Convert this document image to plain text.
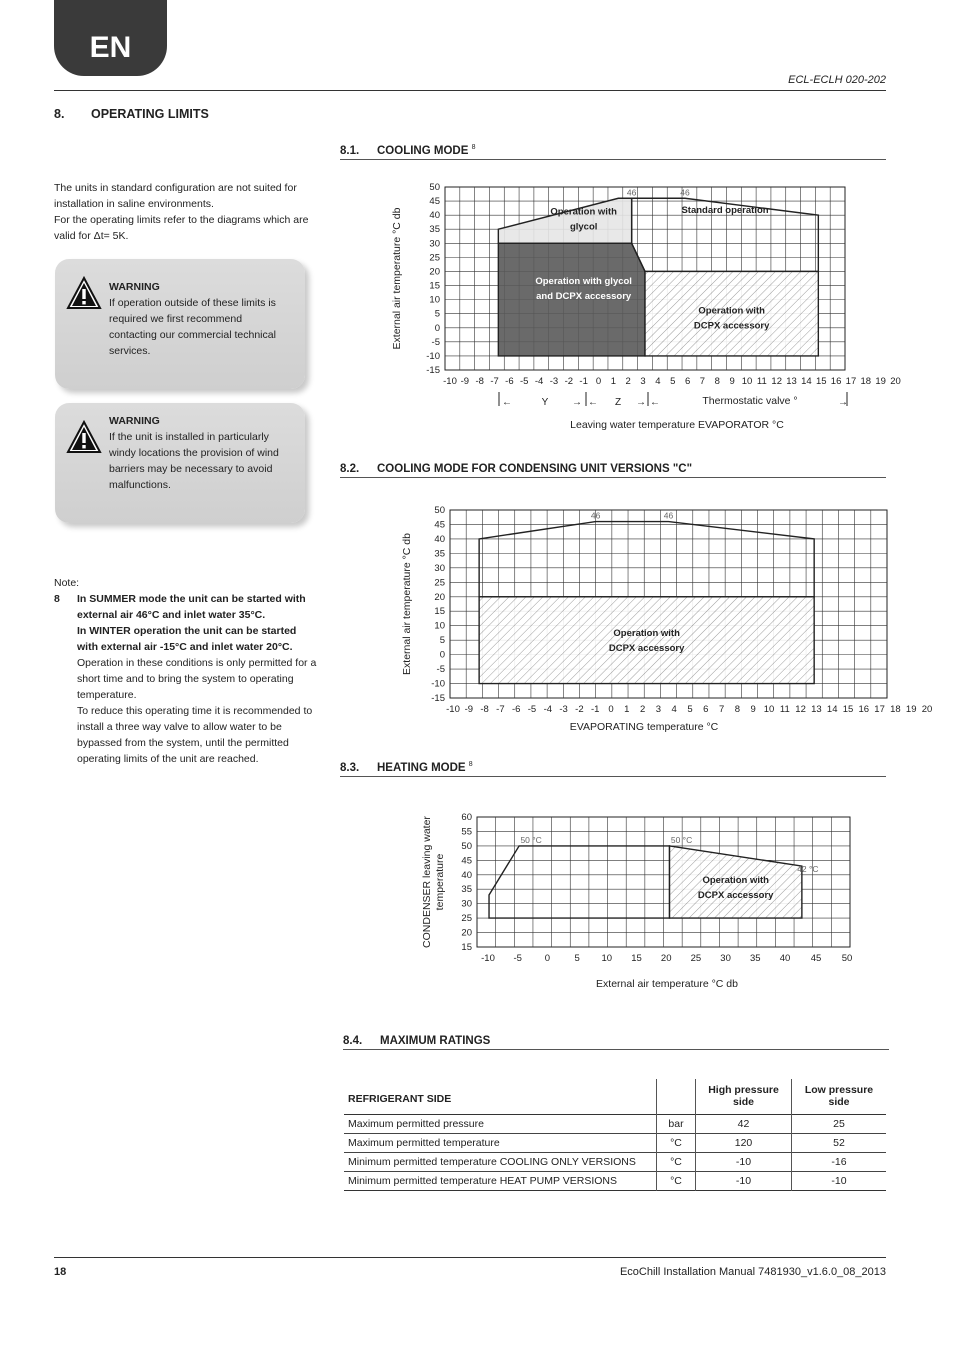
EN
ECL-ECLH 020-202
8. OPERATING LIMITS
The units in standard configuration are not suited for installation in saline environments.
For the operating limits refer to the diagrams which are valid for Δt= 5K.
WARNING
If operation outside of these limits is required we first recommend contacting our commercial technical services.
WARNING
If the unit is installed in particularly windy locations the provision of wind barriers may be necessary to avoid malfunctions.
Note:
8	In SUMMER mode the unit can be started with external air 46°C and inlet water 35°C.
In WINTER operation the unit can be started with external air -15°C and inlet water 20°C.
Operation in these conditions is only permitted for a short time and to bring the system to operating temperature.
To reduce this operating time it is recommended to install a three way valve to allow water to be bypassed from the system, until the permitted operating limits of the unit are reached.
8.1. COOLING MODE $^8$
8.2. COOLING MODE FOR CONDENSING UNIT VERSIONS "C"
8.3. HEATING MODE $^8$
8.4. MAXIMUM RATINGS
Operation with glycol
Operation with glycol and DCPX accessory
Standard operation
Operation with DCPX accessory
50
45
40
35
30
25
20
15
10
5
0
-5
-10
-15
-10 -9 -8 -7 -6 -5 -4 -3 -2 -1 0 1 2 3 4 5 6 7 8 9 10 11 12 13 14 15 16 17 18 19 20
External air temperature °C db
Leaving water temperature EVAPORATOR °C
46	46
←	Y → ← Z → ←	Thermostatic valve °	→
Operation with DCPX accessory
50
45
40
35
30
25
20
15
10
5
0
-5
-10
-15
-10 -9 -8 -7 -6 -5 -4 -3 -2 -1 0 1 2 3 4 5 6 7 8 9 10 11 12 13 14 15 16 17 18 19 20
External air temperature °C db
EVAPORATING temperature °C
46	46
Operation with DCPX accessory
60
55
50
45
40
35
30
25
20
15
-10 -5 0	5 10 15 20 25 30 35 40 45 50
External air temperature °C db
50 °C	50 °C
42 °C
CONDENSER leaving watertemperature
REFRIGERANT SIDE		High pressure side	Low pressure side
Maximum permitted pressure	bar	42	25
Maximum permitted temperature	°C	120	52
Minimum permitted temperature COOLING ONLY VERSIONS	°C	-10	-16
Minimum permitted temperature HEAT PUMP VERSIONS	°C	-10	-10
18	EcoChill Installation Manual 7481930_v1.6.0_08_2013
